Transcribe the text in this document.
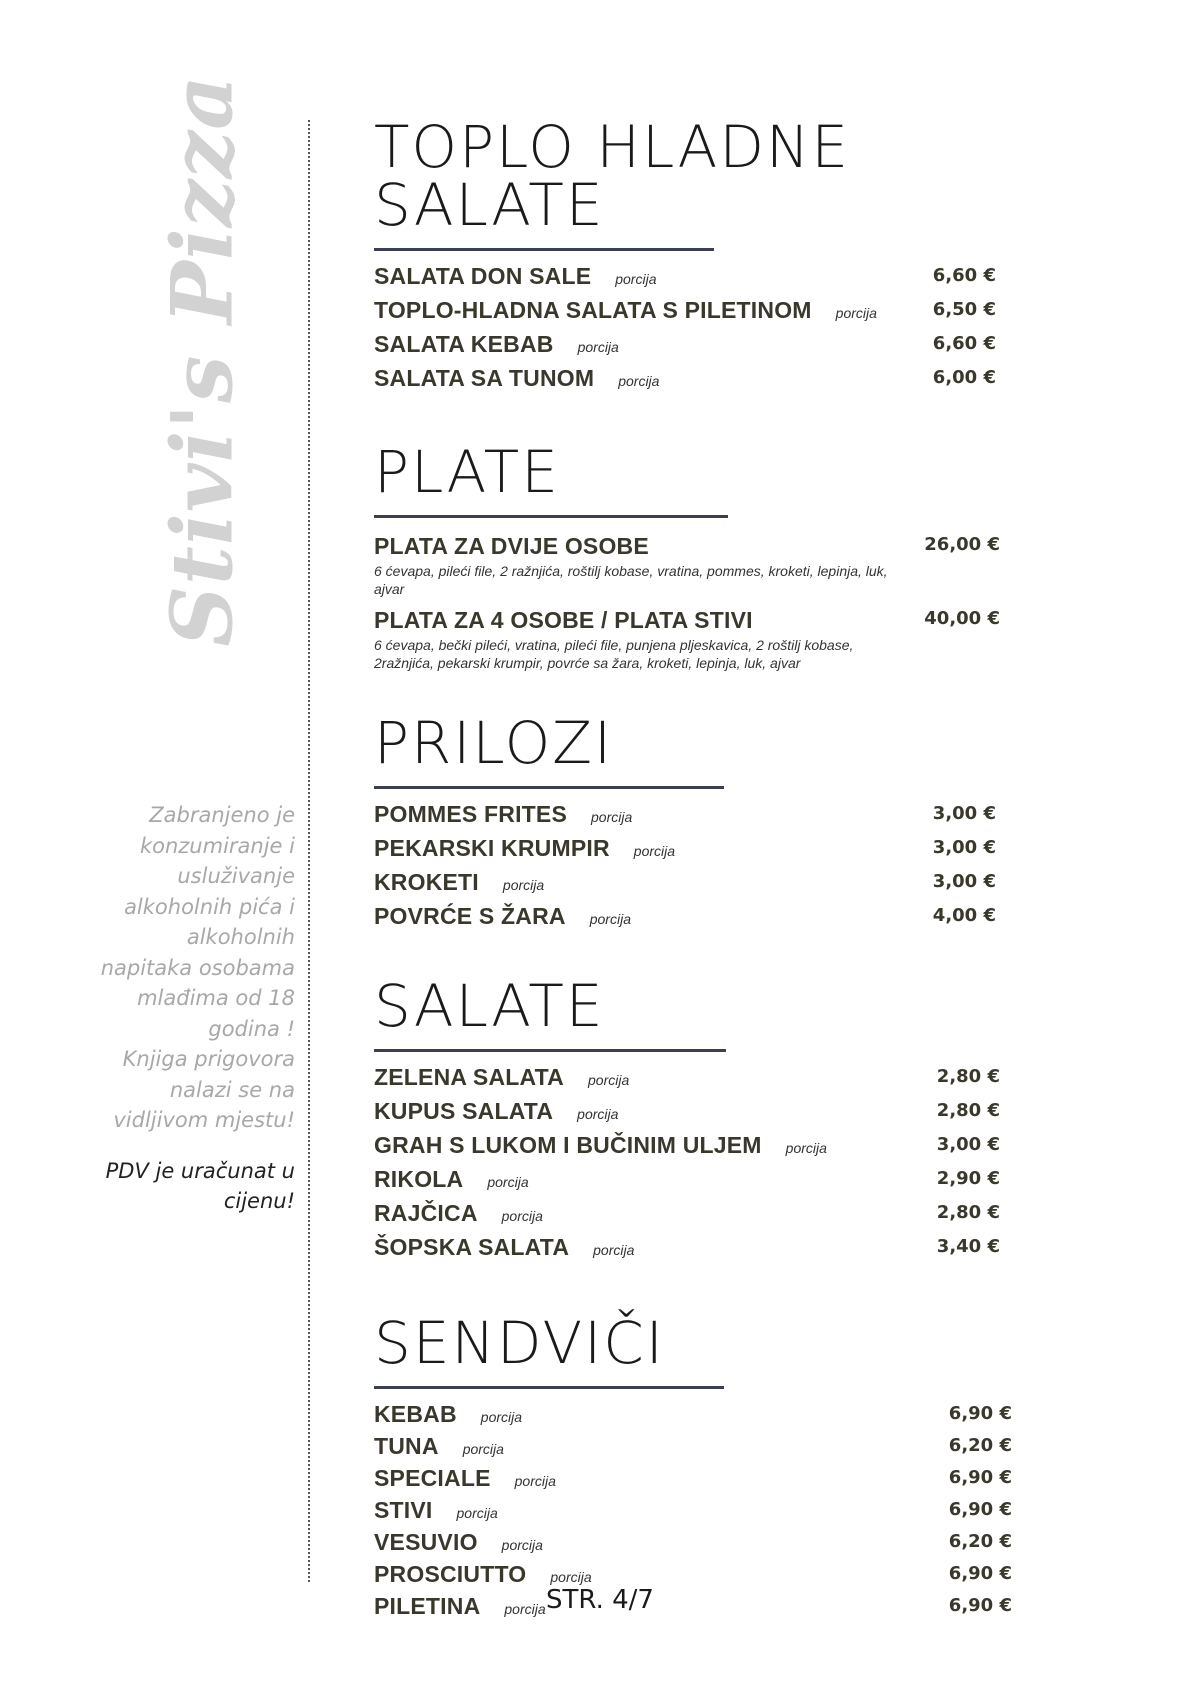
Stivi's Pizza
Zabranjeno je
konzumiranje i
usluživanje
alkoholnih pića i
alkoholnih
napitaka osobama
mlađima od 18
godina !
Knjiga prigovora
nalazi se na
vidljivom mjestu!
PDV je uračunat u
cijenu!
TOPLO HLADNE SALATE
SALATA DON SALE porcija	6,60 €
TOPLO-HLADNA SALATA S PILETINOM porcija	6,50 €
SALATA KEBAB porcija	6,60 €
SALATA SA TUNOM porcija	6,00 €
PLATE
PLATA ZA DVIJE OSOBE	26,00 €
6 ćevapa, pileći file, 2 ražnjića, roštilj kobase, vratina, pommes, kroketi, lepinja, luk, ajvar
PLATA ZA 4 OSOBE / PLATA STIVI	40,00 €
6 ćevapa, bečki pileći, vratina, pileći file, punjena pljeskavica, 2 roštilj kobase, 2ražnjića, pekarski krumpir, povrće sa žara, kroketi, lepinja, luk, ajvar
PRILOZI
POMMES FRITES porcija	3,00 €
PEKARSKI KRUMPIR porcija	3,00 €
KROKETI porcija	3,00 €
POVRĆE S ŽARA porcija	4,00 €
SALATE
ZELENA SALATA porcija	2,80 €
KUPUS SALATA porcija	2,80 €
GRAH S LUKOM I BUČINIM ULJEM porcija	3,00 €
RIKOLA porcija	2,90 €
RAJČICA porcija	2,80 €
ŠOPSKA SALATA porcija	3,40 €
SENDVIČI
KEBAB porcija	6,90 €
TUNA porcija	6,20 €
SPECIALE porcija	6,90 €
STIVI porcija	6,90 €
VESUVIO porcija	6,20 €
PROSCIUTTO porcija	6,90 €
PILETINA porcija	6,90 €
STR. 4/7
